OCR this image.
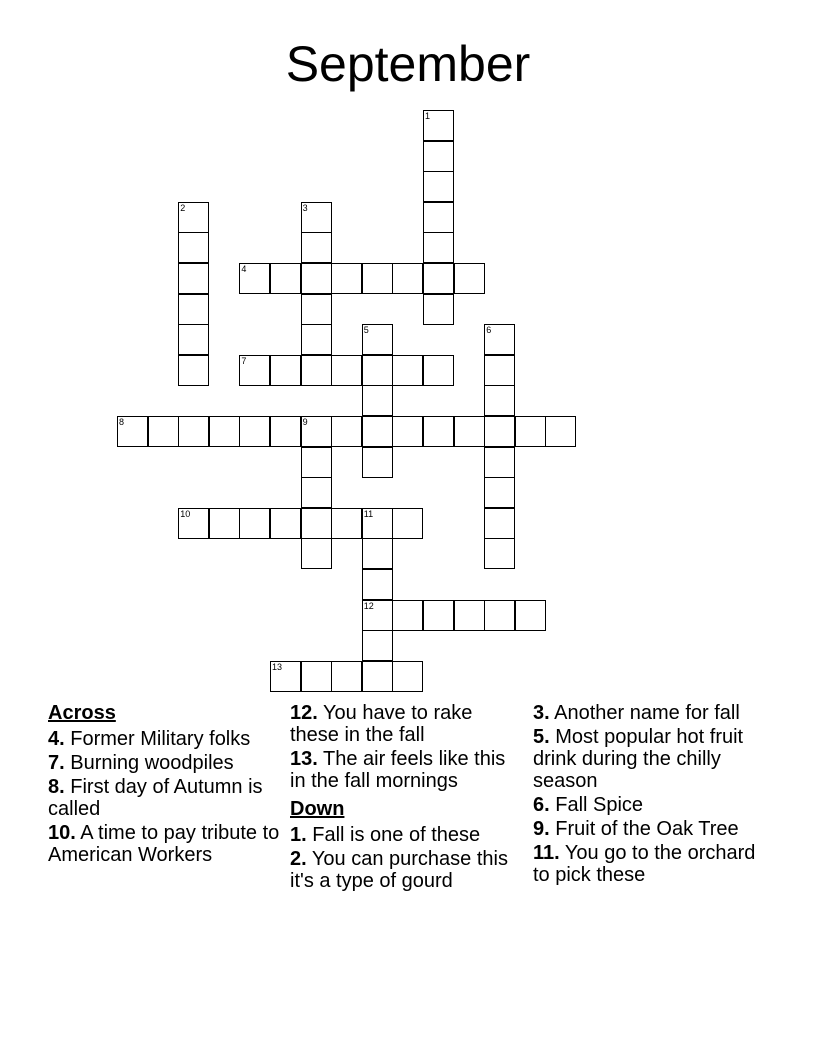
September
1
2	3
4
5	6
7
8	9
10	11
12
13
Across
4. Former Military folks
7. Burning woodpiles
8. First day of Autumn is called
10. A time to pay tribute to American Workers
12. You have to rake these in the fall
13. The air feels like this in the fall mornings
Down
1. Fall is one of these
2. You can purchase this it's a type of gourd
3. Another name for fall
5. Most popular hot fruit drink during the chilly season
6. Fall Spice
9. Fruit of the Oak Tree
11. You go to the orchard to pick these
